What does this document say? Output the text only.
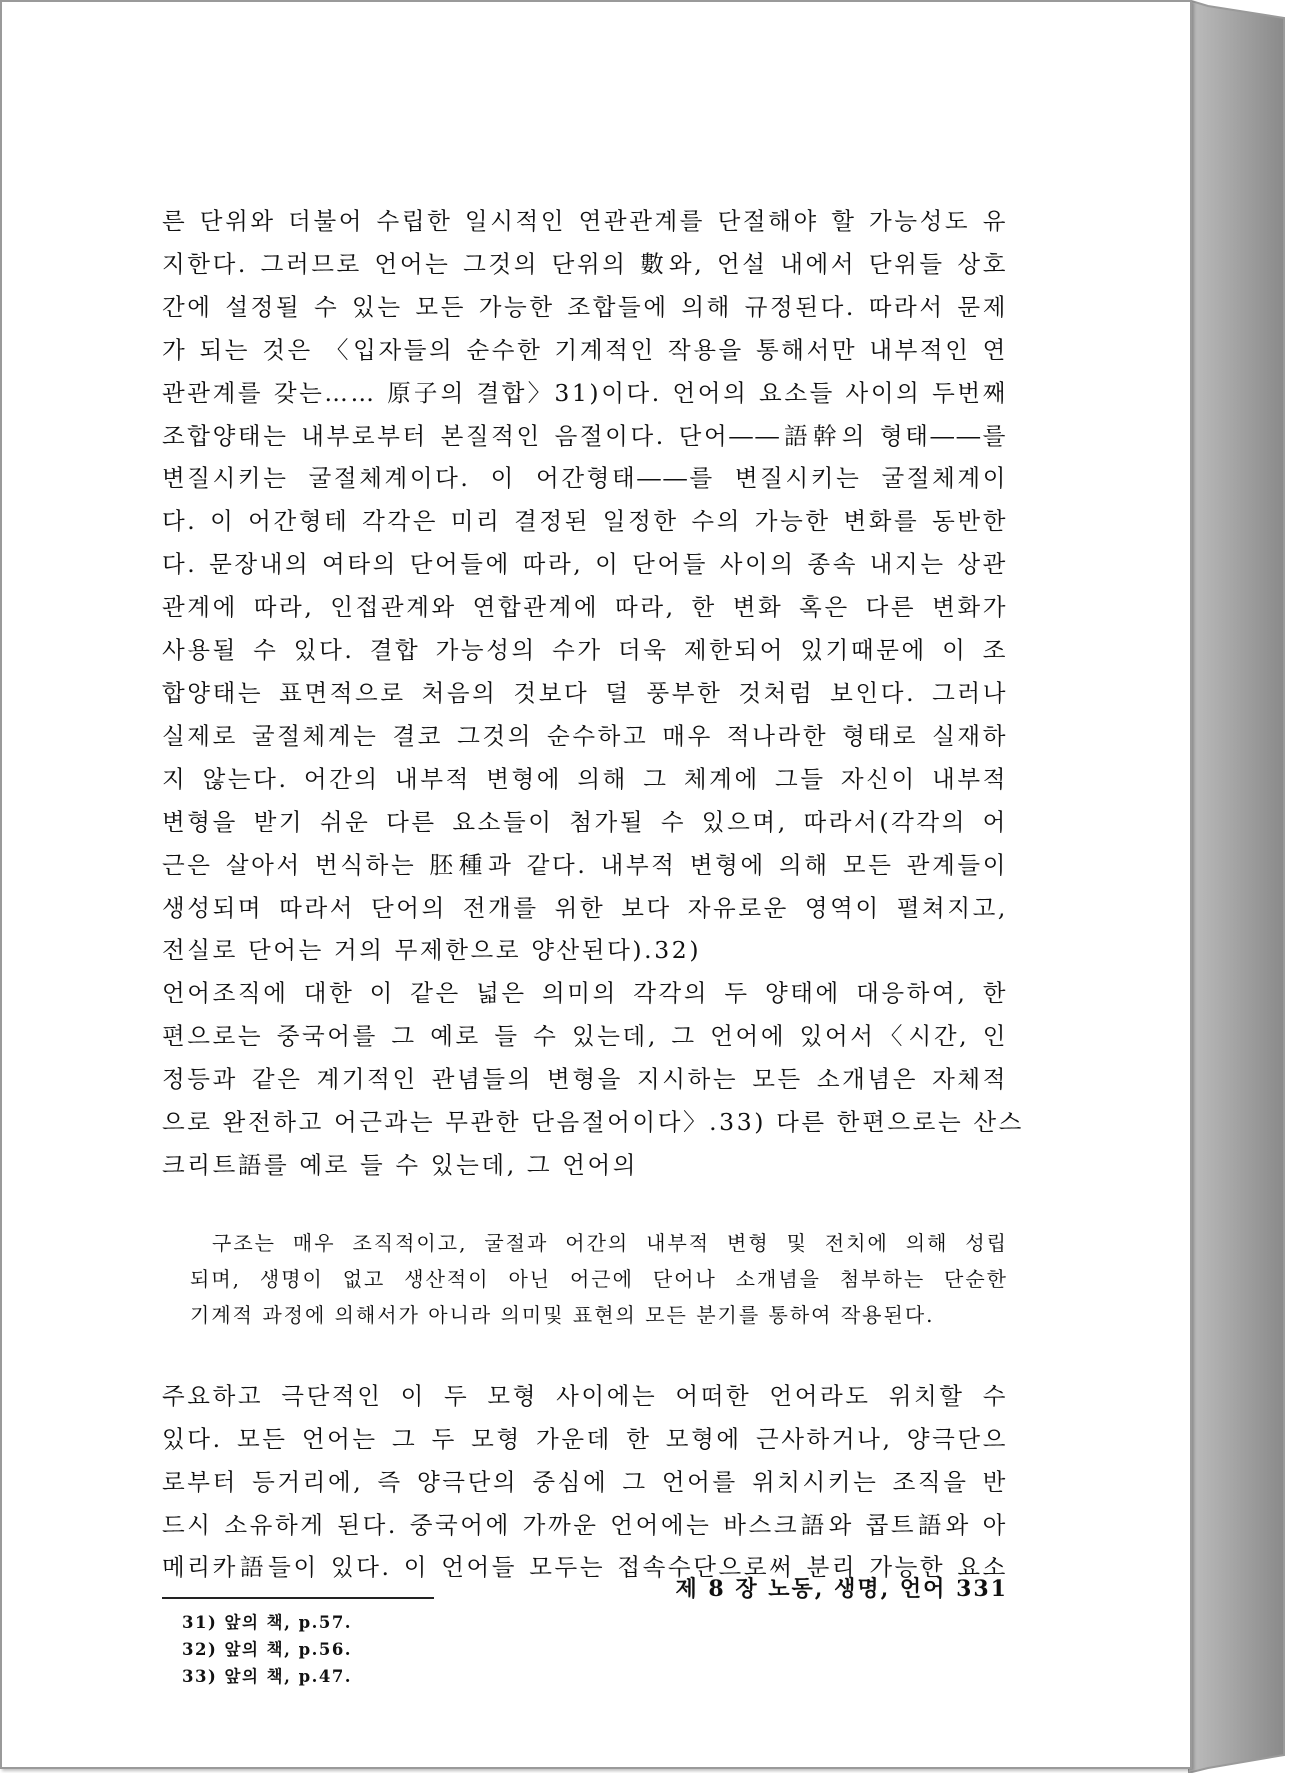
른 단위와 더불어 수립한 일시적인 연관관계를 단절해야 할 가능성도 유
지한다. 그러므로 언어는 그것의 단위의 數와, 언설 내에서 단위들 상호
간에 설정될 수 있는 모든 가능한 조합들에 의해 규정된다. 따라서 문제
가 되는 것은 〈입자들의 순수한 기계적인 작용을 통해서만 내부적인 연
관관계를 갖는…… 原子의 결합〉31)이다. 언어의 요소들 사이의 두번째
조합양태는 내부로부터 본질적인 음절이다. 단어――語幹의 형태――를
변질시키는 굴절체계이다. 이 어간형태――를 변질시키는 굴절체계이
다. 이 어간형테 각각은 미리 결정된 일정한 수의 가능한 변화를 동반한
다. 문장내의 여타의 단어들에 따라, 이 단어들 사이의 종속 내지는 상관
관계에 따라, 인접관계와 연합관계에 따라, 한 변화 혹은 다른 변화가
사용될 수 있다. 결합 가능성의 수가 더욱 제한되어 있기때문에 이 조
합양태는 표면적으로 처음의 것보다 덜 풍부한 것처럼 보인다. 그러나
실제로 굴절체계는 결코 그것의 순수하고 매우 적나라한 형태로 실재하
지 않는다. 어간의 내부적 변형에 의해 그 체계에 그들 자신이 내부적
변형을 받기 쉬운 다른 요소들이 첨가될 수 있으며, 따라서(각각의 어
근은 살아서 번식하는 胚種과 같다. 내부적 변형에 의해 모든 관계들이
생성되며 따라서 단어의 전개를 위한 보다 자유로운 영역이 펼쳐지고,
전실로 단어는 거의 무제한으로 양산된다).32)
언어조직에 대한 이 같은 넓은 의미의 각각의 두 양태에 대응하여, 한
편으로는 중국어를 그 예로 들 수 있는데, 그 언어에 있어서〈시간, 인
정등과 같은 계기적인 관념들의 변형을 지시하는 모든 소개념은 자체적
으로 완전하고 어근과는 무관한 단음절어이다〉.33) 다른 한편으로는 산스
크리트語를 예로 들 수 있는데, 그 언어의
구조는 매우 조직적이고, 굴절과 어간의 내부적 변형 및 전치에 의해 성립
되며, 생명이 없고 생산적이 아닌 어근에 단어나 소개념을 첨부하는 단순한
기계적 과정에 의해서가 아니라 의미및 표현의 모든 분기를 통하여 작용된다.
주요하고 극단적인 이 두 모형 사이에는 어떠한 언어라도 위치할 수
있다. 모든 언어는 그 두 모형 가운데 한 모형에 근사하거나, 양극단으
로부터 등거리에, 즉 양극단의 중심에 그 언어를 위치시키는 조직을 반
드시 소유하게 된다. 중국어에 가까운 언어에는 바스크語와 콥트語와 아
메리카語들이 있다. 이 언어들 모두는 접속수단으로써 분리 가능한 요소
31) 앞의 책, p.57.
32) 앞의 책, p.56.
33) 앞의 책, p.47.
제 8 장 노동, 생명, 언어 331
